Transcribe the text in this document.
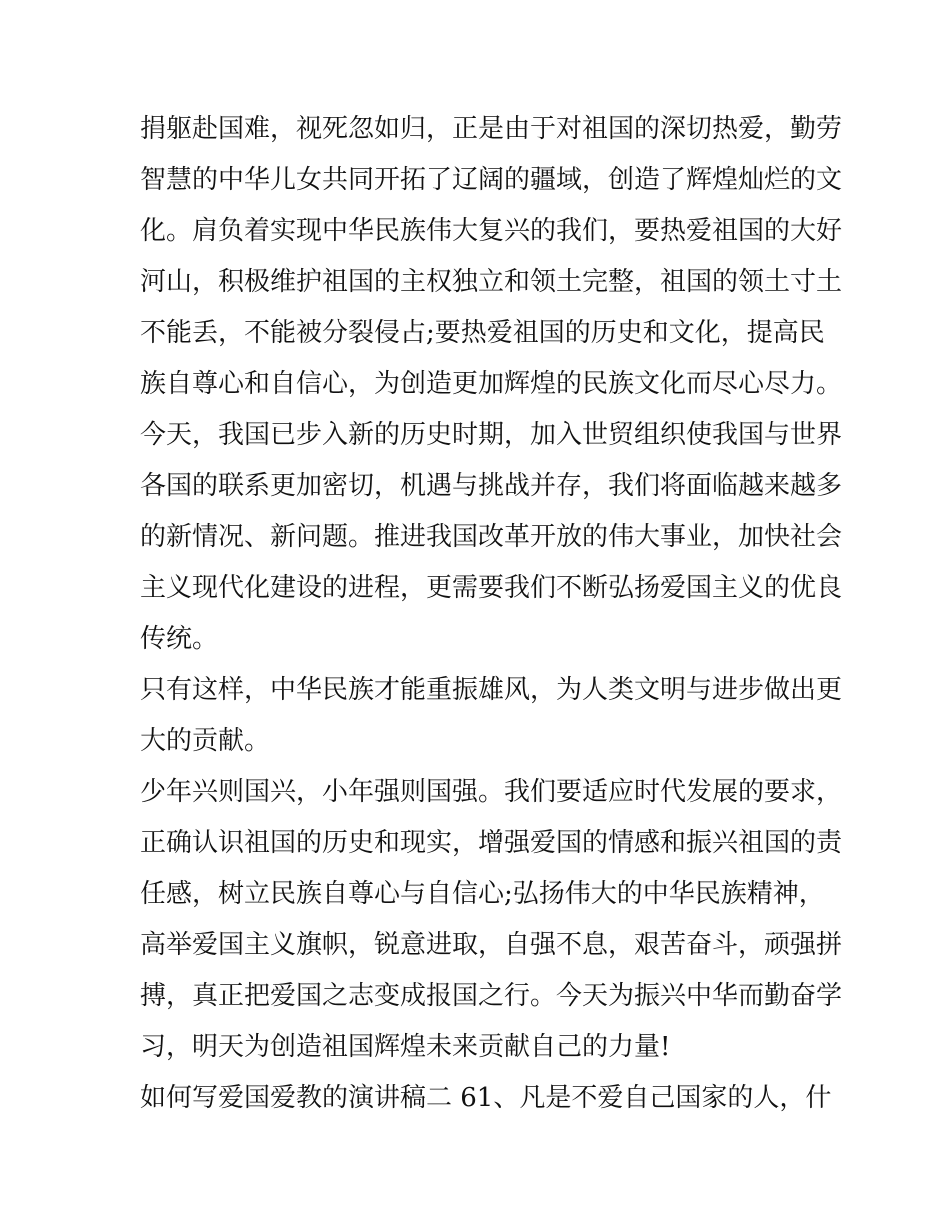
捐躯赴国难，视死忽如归，正是由于对祖国的深切热爱，勤劳
智慧的中华儿女共同开拓了辽阔的疆域，创造了辉煌灿烂的文
化。肩负着实现中华民族伟大复兴的我们，要热爱祖国的大好
河山，积极维护祖国的主权独立和领土完整，祖国的领土寸土
不能丢，不能被分裂侵占;要热爱祖国的历史和文化，提高民
族自尊心和自信心，为创造更加辉煌的民族文化而尽心尽力。
今天，我国已步入新的历史时期，加入世贸组织使我国与世界
各国的联系更加密切，机遇与挑战并存，我们将面临越来越多
的新情况、新问题。推进我国改革开放的伟大事业，加快社会
主义现代化建设的进程，更需要我们不断弘扬爱国主义的优良
传统。
只有这样，中华民族才能重振雄风，为人类文明与进步做出更
大的贡献。
少年兴则国兴，小年强则国强。我们要适应时代发展的要求，
正确认识祖国的历史和现实，增强爱国的情感和振兴祖国的责
任感，树立民族自尊心与自信心;弘扬伟大的中华民族精神，
高举爱国主义旗帜，锐意进取，自强不息，艰苦奋斗，顽强拼
搏，真正把爱国之志变成报国之行。今天为振兴中华而勤奋学
习，明天为创造祖国辉煌未来贡献自己的力量!
如何写爱国爱教的演讲稿二 61、凡是不爱自己国家的人，什
